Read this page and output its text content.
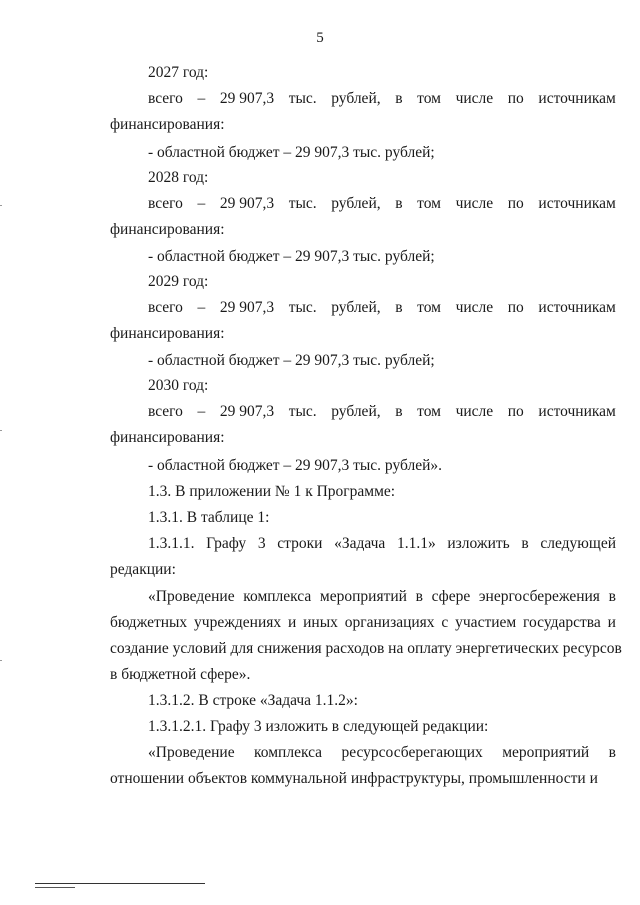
5
2027 год:
всего – 29 907,3 тыс. рублей, в том числе по источникам
финансирования:
- областной бюджет – 29 907,3 тыс. рублей;
2028 год:
всего – 29 907,3 тыс. рублей, в том числе по источникам
финансирования:
- областной бюджет – 29 907,3 тыс. рублей;
2029 год:
всего – 29 907,3 тыс. рублей, в том числе по источникам
финансирования:
- областной бюджет – 29 907,3 тыс. рублей;
2030 год:
всего – 29 907,3 тыс. рублей, в том числе по источникам
финансирования:
- областной бюджет – 29 907,3 тыс. рублей».
1.3. В приложении № 1 к Программе:
1.3.1. В таблице 1:
1.3.1.1. Графу 3 строки «Задача 1.1.1» изложить в следующей
редакции:
«Проведение комплекса мероприятий в сфере энергосбережения в
бюджетных учреждениях и иных организациях с участием государства и
создание условий для снижения расходов на оплату энергетических ресурсов
в бюджетной сфере».
1.3.1.2. В строке «Задача 1.1.2»:
1.3.1.2.1. Графу 3 изложить в следующей редакции:
«Проведение комплекса ресурсосберегающих мероприятий в
отношении объектов коммунальной инфраструктуры, промышленности и
